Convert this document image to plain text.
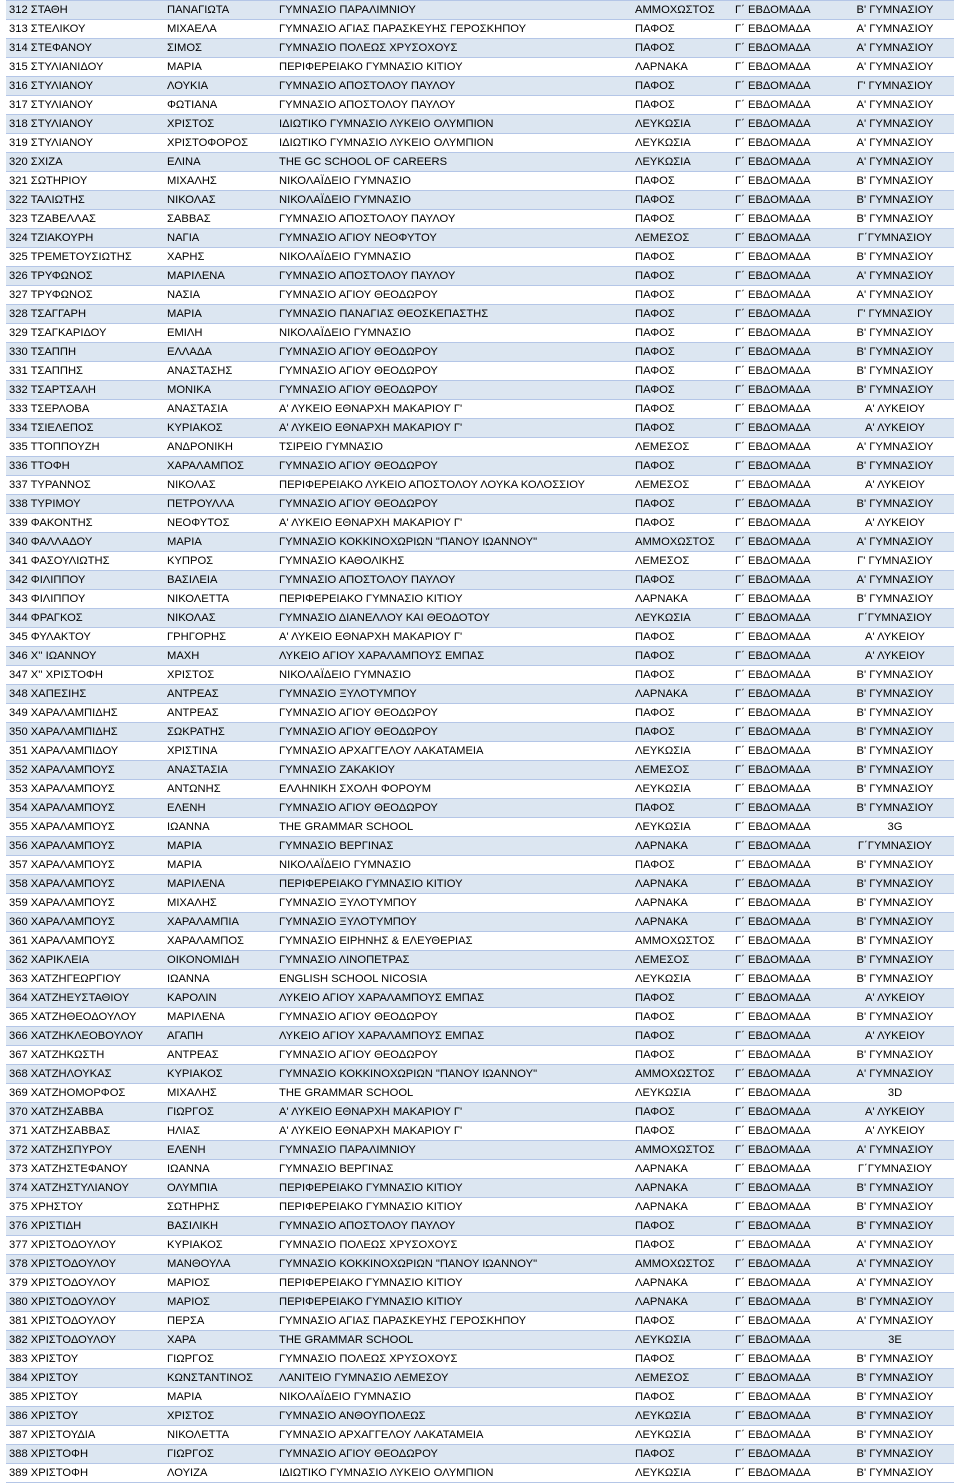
312 ΣΤΑΘΗ	ΠΑΝΑΓΙΩΤΑ	ΓΥΜΝΑΣΙΟ ΠΑΡΑΛΙΜΝΙΟΥ	ΑΜΜΟΧΩΣΤΟΣ	Γ΄ ΕΒΔΟΜΑΔΑ	Β' ΓΥΜΝΑΣΙΟΥ
313 ΣΤΕΛΙΚΟΥ	ΜΙΧΑΕΛΑ	ΓΥΜΝΑΣΙΟ ΑΓΙΑΣ ΠΑΡΑΣΚΕΥΗΣ ΓΕΡΟΣΚΗΠΟΥ	ΠΑΦΟΣ	Γ΄ ΕΒΔΟΜΑΔΑ	Α' ΓΥΜΝΑΣΙΟΥ
314 ΣΤΕΦΑΝΟΥ	ΣΙΜΟΣ	ΓΥΜΝΑΣΙΟ ΠΟΛΕΩΣ ΧΡΥΣΟΧΟΥΣ	ΠΑΦΟΣ	Γ΄ ΕΒΔΟΜΑΔΑ	Α' ΓΥΜΝΑΣΙΟΥ
315 ΣΤΥΛΙΑΝΙΔΟΥ	ΜΑΡΙΑ	ΠΕΡΙΦΕΡΕΙΑΚΟ ΓΥΜΝΑΣΙΟ ΚΙΤΙΟΥ	ΛΑΡΝΑΚΑ	Γ΄ ΕΒΔΟΜΑΔΑ	Α' ΓΥΜΝΑΣΙΟΥ
316 ΣΤΥΛΙΑΝΟΥ	ΛΟΥΚΙΑ	ΓΥΜΝΑΣΙΟ ΑΠΟΣΤΟΛΟΥ ΠΑΥΛΟΥ	ΠΑΦΟΣ	Γ΄ ΕΒΔΟΜΑΔΑ	Γ' ΓΥΜΝΑΣΙΟΥ
317 ΣΤΥΛΙΑΝΟΥ	ΦΩΤΙΑΝΑ	ΓΥΜΝΑΣΙΟ ΑΠΟΣΤΟΛΟΥ ΠΑΥΛΟΥ	ΠΑΦΟΣ	Γ΄ ΕΒΔΟΜΑΔΑ	Α' ΓΥΜΝΑΣΙΟΥ
318 ΣΤΥΛΙΑΝΟΥ	ΧΡΙΣΤΟΣ	ΙΔΙΩΤΙΚΟ ΓΥΜΝΑΣΙΟ ΛΥΚΕΙΟ ΟΛΥΜΠΙΟΝ	ΛΕΥΚΩΣΙΑ	Γ΄ ΕΒΔΟΜΑΔΑ	Α' ΓΥΜΝΑΣΙΟΥ
319 ΣΤΥΛΙΑΝΟΥ	ΧΡΙΣΤΟΦΟΡΟΣ	ΙΔΙΩΤΙΚΟ ΓΥΜΝΑΣΙΟ ΛΥΚΕΙΟ ΟΛΥΜΠΙΟΝ	ΛΕΥΚΩΣΙΑ	Γ΄ ΕΒΔΟΜΑΔΑ	Α' ΓΥΜΝΑΣΙΟΥ
320 ΣΧΙΖΑ	ΕΛΙΝΑ	THE GC SCHOOL OF CAREERS	ΛΕΥΚΩΣΙΑ	Γ΄ ΕΒΔΟΜΑΔΑ	Α' ΓΥΜΝΑΣΙΟΥ
321 ΣΩΤΗΡΙΟΥ	ΜΙΧΑΛΗΣ	ΝΙΚΟΛΑΪΔΕΙΟ ΓΥΜΝΑΣΙΟ	ΠΑΦΟΣ	Γ΄ ΕΒΔΟΜΑΔΑ	Β' ΓΥΜΝΑΣΙΟΥ
322 ΤΑΛΙΩΤΗΣ	ΝΙΚΟΛΑΣ	ΝΙΚΟΛΑΪΔΕΙΟ ΓΥΜΝΑΣΙΟ	ΠΑΦΟΣ	Γ΄ ΕΒΔΟΜΑΔΑ	Β' ΓΥΜΝΑΣΙΟΥ
323 ΤΖΑΒΕΛΛΑΣ	ΣΑΒΒΑΣ	ΓΥΜΝΑΣΙΟ ΑΠΟΣΤΟΛΟΥ ΠΑΥΛΟΥ	ΠΑΦΟΣ	Γ΄ ΕΒΔΟΜΑΔΑ	Β' ΓΥΜΝΑΣΙΟΥ
324 ΤΖΙΑΚΟΥΡΗ	ΝΑΓΙΑ	ΓΥΜΝΑΣΙΟ ΑΓΙΟΥ ΝΕΟΦΥΤΟΥ	ΛΕΜΕΣΟΣ	Γ΄ ΕΒΔΟΜΑΔΑ	Γ΄ΓΥΜΝΑΣΙΟΥ
325 ΤΡΕΜΕΤΟΥΣΙΩΤΗΣ	ΧΑΡΗΣ	ΝΙΚΟΛΑΪΔΕΙΟ ΓΥΜΝΑΣΙΟ	ΠΑΦΟΣ	Γ΄ ΕΒΔΟΜΑΔΑ	Β' ΓΥΜΝΑΣΙΟΥ
326 ΤΡΥΦΩΝΟΣ	ΜΑΡΙΛΕΝΑ	ΓΥΜΝΑΣΙΟ ΑΠΟΣΤΟΛΟΥ ΠΑΥΛΟΥ	ΠΑΦΟΣ	Γ΄ ΕΒΔΟΜΑΔΑ	Α' ΓΥΜΝΑΣΙΟΥ
327 ΤΡΥΦΩΝΟΣ	ΝΑΣΙΑ	ΓΥΜΝΑΣΙΟ ΑΓΙΟΥ ΘΕΟΔΩΡΟΥ	ΠΑΦΟΣ	Γ΄ ΕΒΔΟΜΑΔΑ	Α' ΓΥΜΝΑΣΙΟΥ
328 ΤΣΑΓΓΑΡΗ	ΜΑΡΙΑ	ΓΥΜΝΑΣΙΟ ΠΑΝΑΓΙΑΣ ΘΕΟΣΚΕΠΑΣΤΗΣ	ΠΑΦΟΣ	Γ΄ ΕΒΔΟΜΑΔΑ	Γ' ΓΥΜΝΑΣΙΟΥ
329 ΤΣΑΓΚΑΡΙΔΟΥ	ΕΜΙΛΗ	ΝΙΚΟΛΑΪΔΕΙΟ ΓΥΜΝΑΣΙΟ	ΠΑΦΟΣ	Γ΄ ΕΒΔΟΜΑΔΑ	Β' ΓΥΜΝΑΣΙΟΥ
330 ΤΣΑΠΠΗ	ΕΛΛΑΔΑ	ΓΥΜΝΑΣΙΟ ΑΓΙΟΥ ΘΕΟΔΩΡΟΥ	ΠΑΦΟΣ	Γ΄ ΕΒΔΟΜΑΔΑ	Β' ΓΥΜΝΑΣΙΟΥ
331 ΤΣΑΠΠΗΣ	ΑΝΑΣΤΑΣΗΣ	ΓΥΜΝΑΣΙΟ ΑΓΙΟΥ ΘΕΟΔΩΡΟΥ	ΠΑΦΟΣ	Γ΄ ΕΒΔΟΜΑΔΑ	Β' ΓΥΜΝΑΣΙΟΥ
332 ΤΣΑΡΤΣΑΛΗ	ΜΟΝΙΚΑ	ΓΥΜΝΑΣΙΟ ΑΓΙΟΥ ΘΕΟΔΩΡΟΥ	ΠΑΦΟΣ	Γ΄ ΕΒΔΟΜΑΔΑ	Β' ΓΥΜΝΑΣΙΟΥ
333 ΤΣΕΡΛΟΒΑ	ΑΝΑΣΤΑΣΙΑ	Α' ΛΥΚΕΙΟ ΕΘΝΑΡΧΗ ΜΑΚΑΡΙΟΥ Γ'	ΠΑΦΟΣ	Γ΄ ΕΒΔΟΜΑΔΑ	Α' ΛΥΚΕΙΟΥ
334 ΤΣΙΕΛΕΠΟΣ	ΚΥΡΙΑΚΟΣ	Α' ΛΥΚΕΙΟ ΕΘΝΑΡΧΗ ΜΑΚΑΡΙΟΥ Γ'	ΠΑΦΟΣ	Γ΄ ΕΒΔΟΜΑΔΑ	Α' ΛΥΚΕΙΟΥ
335 ΤΤΟΠΠΟΥΖΗ	ΑΝΔΡΟΝΙΚΗ	ΤΣΙΡΕΙΟ ΓΥΜΝΑΣΙΟ	ΛΕΜΕΣΟΣ	Γ΄ ΕΒΔΟΜΑΔΑ	Α' ΓΥΜΝΑΣΙΟΥ
336 ΤΤΟΦΗ	ΧΑΡΑΛΑΜΠΟΣ	ΓΥΜΝΑΣΙΟ ΑΓΙΟΥ ΘΕΟΔΩΡΟΥ	ΠΑΦΟΣ	Γ΄ ΕΒΔΟΜΑΔΑ	Β' ΓΥΜΝΑΣΙΟΥ
337 ΤΥΡΑΝΝΟΣ	ΝΙΚΟΛΑΣ	ΠΕΡΙΦΕΡΕΙΑΚΟ ΛΥΚΕΙΟ ΑΠΟΣΤΟΛΟΥ ΛΟΥΚΑ ΚΟΛΟΣΣΙΟΥ	ΛΕΜΕΣΟΣ	Γ΄ ΕΒΔΟΜΑΔΑ	Α' ΛΥΚΕΙΟΥ
338 ΤΥΡΙΜΟΥ	ΠΕΤΡΟΥΛΛΑ	ΓΥΜΝΑΣΙΟ ΑΓΙΟΥ ΘΕΟΔΩΡΟΥ	ΠΑΦΟΣ	Γ΄ ΕΒΔΟΜΑΔΑ	Β' ΓΥΜΝΑΣΙΟΥ
339 ΦΑΚΟΝΤΗΣ	ΝΕΟΦΥΤΟΣ	Α' ΛΥΚΕΙΟ ΕΘΝΑΡΧΗ ΜΑΚΑΡΙΟΥ Γ'	ΠΑΦΟΣ	Γ΄ ΕΒΔΟΜΑΔΑ	Α' ΛΥΚΕΙΟΥ
340 ΦΑΛΛΑΔΟΥ	ΜΑΡΙΑ	ΓΥΜΝΑΣΙΟ ΚΟΚΚΙΝΟΧΩΡΙΩΝ "ΠΑΝΟΥ ΙΩΑΝΝΟΥ"	ΑΜΜΟΧΩΣΤΟΣ	Γ΄ ΕΒΔΟΜΑΔΑ	Α' ΓΥΜΝΑΣΙΟΥ
341 ΦΑΣΟΥΛΙΩΤΗΣ	ΚΥΠΡΟΣ	ΓΥΜΝΑΣΙΟ ΚΑΘΟΛΙΚΗΣ	ΛΕΜΕΣΟΣ	Γ΄ ΕΒΔΟΜΑΔΑ	Γ' ΓΥΜΝΑΣΙΟΥ
342 ΦΙΛΙΠΠΟΥ	ΒΑΣΙΛΕΙΑ	ΓΥΜΝΑΣΙΟ ΑΠΟΣΤΟΛΟΥ ΠΑΥΛΟΥ	ΠΑΦΟΣ	Γ΄ ΕΒΔΟΜΑΔΑ	Α' ΓΥΜΝΑΣΙΟΥ
343 ΦΙΛΙΠΠΟΥ	ΝΙΚΟΛΕΤΤΑ	ΠΕΡΙΦΕΡΕΙΑΚΟ ΓΥΜΝΑΣΙΟ ΚΙΤΙΟΥ	ΛΑΡΝΑΚΑ	Γ΄ ΕΒΔΟΜΑΔΑ	Β' ΓΥΜΝΑΣΙΟΥ
344 ΦΡΑΓΚΟΣ	ΝΙΚΟΛΑΣ	ΓΥΜΝΑΣΙΟ ΔΙΑΝΕΛΛΟΥ ΚΑΙ ΘΕΟΔΟΤΟΥ	ΛΕΥΚΩΣΙΑ	Γ΄ ΕΒΔΟΜΑΔΑ	Γ΄ΓΥΜΝΑΣΙΟΥ
345 ΦΥΛΑΚΤΟΥ	ΓΡΗΓΟΡΗΣ	Α' ΛΥΚΕΙΟ ΕΘΝΑΡΧΗ ΜΑΚΑΡΙΟΥ Γ'	ΠΑΦΟΣ	Γ΄ ΕΒΔΟΜΑΔΑ	Α' ΛΥΚΕΙΟΥ
346 Χ'' ΙΩΑΝΝΟΥ	ΜΑΧΗ	ΛΥΚΕΙΟ ΑΓΙΟΥ ΧΑΡΑΛΑΜΠΟΥΣ ΕΜΠΑΣ	ΠΑΦΟΣ	Γ΄ ΕΒΔΟΜΑΔΑ	Α' ΛΥΚΕΙΟΥ
347 Χ'' ΧΡΙΣΤΟΦΗ	ΧΡΙΣΤΟΣ	ΝΙΚΟΛΑΪΔΕΙΟ ΓΥΜΝΑΣΙΟ	ΠΑΦΟΣ	Γ΄ ΕΒΔΟΜΑΔΑ	Β' ΓΥΜΝΑΣΙΟΥ
348 ΧΑΠΕΣΙΗΣ	ΑΝΤΡΕΑΣ	ΓΥΜΝΑΣΙΟ ΞΥΛΟΤΥΜΠΟΥ	ΛΑΡΝΑΚΑ	Γ΄ ΕΒΔΟΜΑΔΑ	Β' ΓΥΜΝΑΣΙΟΥ
349 ΧΑΡΑΛΑΜΠΙΔΗΣ	ΑΝΤΡΕΑΣ	ΓΥΜΝΑΣΙΟ ΑΓΙΟΥ ΘΕΟΔΩΡΟΥ	ΠΑΦΟΣ	Γ΄ ΕΒΔΟΜΑΔΑ	Β' ΓΥΜΝΑΣΙΟΥ
350 ΧΑΡΑΛΑΜΠΙΔΗΣ	ΣΩΚΡΑΤΗΣ	ΓΥΜΝΑΣΙΟ ΑΓΙΟΥ ΘΕΟΔΩΡΟΥ	ΠΑΦΟΣ	Γ΄ ΕΒΔΟΜΑΔΑ	Β' ΓΥΜΝΑΣΙΟΥ
351 ΧΑΡΑΛΑΜΠΙΔΟΥ	ΧΡΙΣΤΙΝΑ	ΓΥΜΝΑΣΙΟ ΑΡΧΑΓΓΕΛΟΥ ΛΑΚΑΤΑΜΕΙΑ	ΛΕΥΚΩΣΙΑ	Γ΄ ΕΒΔΟΜΑΔΑ	Β' ΓΥΜΝΑΣΙΟΥ
352 ΧΑΡΑΛΑΜΠΟΥΣ	ΑΝΑΣΤΑΣΙΑ	ΓΥΜΝΑΣΙΟ ΖΑΚΑΚΙΟΥ	ΛΕΜΕΣΟΣ	Γ΄ ΕΒΔΟΜΑΔΑ	Β' ΓΥΜΝΑΣΙΟΥ
353 ΧΑΡΑΛΑΜΠΟΥΣ	ΑΝΤΩΝΗΣ	ΕΛΛΗΝΙΚΗ ΣΧΟΛΗ ΦΟΡΟΥΜ	ΛΕΥΚΩΣΙΑ	Γ΄ ΕΒΔΟΜΑΔΑ	Β' ΓΥΜΝΑΣΙΟΥ
354 ΧΑΡΑΛΑΜΠΟΥΣ	ΕΛΕΝΗ	ΓΥΜΝΑΣΙΟ ΑΓΙΟΥ ΘΕΟΔΩΡΟΥ	ΠΑΦΟΣ	Γ΄ ΕΒΔΟΜΑΔΑ	Β' ΓΥΜΝΑΣΙΟΥ
355 ΧΑΡΑΛΑΜΠΟΥΣ	ΙΩΑΝΝΑ	THE GRAMMAR SCHOOL	ΛΕΥΚΩΣΙΑ	Γ΄ ΕΒΔΟΜΑΔΑ	3G
356 ΧΑΡΑΛΑΜΠΟΥΣ	ΜΑΡΙΑ	ΓΥΜΝΑΣΙΟ ΒΕΡΓΙΝΑΣ	ΛΑΡΝΑΚΑ	Γ΄ ΕΒΔΟΜΑΔΑ	Γ΄ΓΥΜΝΑΣΙΟΥ
357 ΧΑΡΑΛΑΜΠΟΥΣ	ΜΑΡΙΑ	ΝΙΚΟΛΑΪΔΕΙΟ ΓΥΜΝΑΣΙΟ	ΠΑΦΟΣ	Γ΄ ΕΒΔΟΜΑΔΑ	Β' ΓΥΜΝΑΣΙΟΥ
358 ΧΑΡΑΛΑΜΠΟΥΣ	ΜΑΡΙΛΕΝΑ	ΠΕΡΙΦΕΡΕΙΑΚΟ ΓΥΜΝΑΣΙΟ ΚΙΤΙΟΥ	ΛΑΡΝΑΚΑ	Γ΄ ΕΒΔΟΜΑΔΑ	Β' ΓΥΜΝΑΣΙΟΥ
359 ΧΑΡΑΛΑΜΠΟΥΣ	ΜΙΧΑΛΗΣ	ΓΥΜΝΑΣΙΟ ΞΥΛΟΤΥΜΠΟΥ	ΛΑΡΝΑΚΑ	Γ΄ ΕΒΔΟΜΑΔΑ	Β' ΓΥΜΝΑΣΙΟΥ
360 ΧΑΡΑΛΑΜΠΟΥΣ	ΧΑΡΑΛΑΜΠΙΑ	ΓΥΜΝΑΣΙΟ ΞΥΛΟΤΥΜΠΟΥ	ΛΑΡΝΑΚΑ	Γ΄ ΕΒΔΟΜΑΔΑ	Β' ΓΥΜΝΑΣΙΟΥ
361 ΧΑΡΑΛΑΜΠΟΥΣ	ΧΑΡΑΛΑΜΠΟΣ	ΓΥΜΝΑΣΙΟ ΕΙΡΗΝΗΣ & ΕΛΕΥΘΕΡΙΑΣ	ΑΜΜΟΧΩΣΤΟΣ	Γ΄ ΕΒΔΟΜΑΔΑ	Β' ΓΥΜΝΑΣΙΟΥ
362 ΧΑΡΙΚΛΕΙΑ	ΟΙΚΟΝΟΜΙΔΗ	ΓΥΜΝΑΣΙΟ ΛΙΝΟΠΕΤΡΑΣ	ΛΕΜΕΣΟΣ	Γ΄ ΕΒΔΟΜΑΔΑ	Β' ΓΥΜΝΑΣΙΟΥ
363 ΧΑΤΖΗΓΕΩΡΓΙΟΥ	ΙΩΑΝΝΑ	ENGLISH SCHOOL NICOSIA	ΛΕΥΚΩΣΙΑ	Γ΄ ΕΒΔΟΜΑΔΑ	Β' ΓΥΜΝΑΣΙΟΥ
364 ΧΑΤΖΗΕΥΣΤΑΘΙΟΥ	ΚΑΡΟΛΙΝ	ΛΥΚΕΙΟ ΑΓΙΟΥ ΧΑΡΑΛΑΜΠΟΥΣ ΕΜΠΑΣ	ΠΑΦΟΣ	Γ΄ ΕΒΔΟΜΑΔΑ	Α' ΛΥΚΕΙΟΥ
365 ΧΑΤΖΗΘΕΟΔΟΥΛΟΥ	ΜΑΡΙΛΕΝΑ	ΓΥΜΝΑΣΙΟ ΑΓΙΟΥ ΘΕΟΔΩΡΟΥ	ΠΑΦΟΣ	Γ΄ ΕΒΔΟΜΑΔΑ	Β' ΓΥΜΝΑΣΙΟΥ
366 ΧΑΤΖΗΚΛΕΟΒΟΥΛΟΥ	ΑΓΑΠΗ	ΛΥΚΕΙΟ ΑΓΙΟΥ ΧΑΡΑΛΑΜΠΟΥΣ ΕΜΠΑΣ	ΠΑΦΟΣ	Γ΄ ΕΒΔΟΜΑΔΑ	Α' ΛΥΚΕΙΟΥ
367 ΧΑΤΖΗΚΩΣΤΗ	ΑΝΤΡΕΑΣ	ΓΥΜΝΑΣΙΟ ΑΓΙΟΥ ΘΕΟΔΩΡΟΥ	ΠΑΦΟΣ	Γ΄ ΕΒΔΟΜΑΔΑ	Β' ΓΥΜΝΑΣΙΟΥ
368 ΧΑΤΖΗΛΟΥΚΑΣ	ΚΥΡΙΑΚΟΣ	ΓΥΜΝΑΣΙΟ ΚΟΚΚΙΝΟΧΩΡΙΩΝ "ΠΑΝΟΥ ΙΩΑΝΝΟΥ"	ΑΜΜΟΧΩΣΤΟΣ	Γ΄ ΕΒΔΟΜΑΔΑ	Α' ΓΥΜΝΑΣΙΟΥ
369 ΧΑΤΖΗΟΜΟΡΦΟΣ	ΜΙΧΑΛΗΣ	THE GRAMMAR SCHOOL	ΛΕΥΚΩΣΙΑ	Γ΄ ΕΒΔΟΜΑΔΑ	3D
370 ΧΑΤΖΗΣΑΒΒΑ	ΓΙΩΡΓΟΣ	Α' ΛΥΚΕΙΟ ΕΘΝΑΡΧΗ ΜΑΚΑΡΙΟΥ Γ'	ΠΑΦΟΣ	Γ΄ ΕΒΔΟΜΑΔΑ	Α' ΛΥΚΕΙΟΥ
371 ΧΑΤΖΗΣΑΒΒΑΣ	ΗΛΙΑΣ	Α' ΛΥΚΕΙΟ ΕΘΝΑΡΧΗ ΜΑΚΑΡΙΟΥ Γ'	ΠΑΦΟΣ	Γ΄ ΕΒΔΟΜΑΔΑ	Α' ΛΥΚΕΙΟΥ
372 ΧΑΤΖΗΣΠΥΡΟΥ	ΕΛΕΝΗ	ΓΥΜΝΑΣΙΟ ΠΑΡΑΛΙΜΝΙΟΥ	ΑΜΜΟΧΩΣΤΟΣ	Γ΄ ΕΒΔΟΜΑΔΑ	Α' ΓΥΜΝΑΣΙΟΥ
373 ΧΑΤΖΗΣΤΕΦΑΝΟΥ	ΙΩΑΝΝΑ	ΓΥΜΝΑΣΙΟ ΒΕΡΓΙΝΑΣ	ΛΑΡΝΑΚΑ	Γ΄ ΕΒΔΟΜΑΔΑ	Γ΄ΓΥΜΝΑΣΙΟΥ
374 ΧΑΤΖΗΣΤΥΛΙΑΝΟΥ	ΟΛΥΜΠΙΑ	ΠΕΡΙΦΕΡΕΙΑΚΟ ΓΥΜΝΑΣΙΟ ΚΙΤΙΟΥ	ΛΑΡΝΑΚΑ	Γ΄ ΕΒΔΟΜΑΔΑ	Β' ΓΥΜΝΑΣΙΟΥ
375 ΧΡΗΣΤΟΥ	ΣΩΤΗΡΗΣ	ΠΕΡΙΦΕΡΕΙΑΚΟ ΓΥΜΝΑΣΙΟ ΚΙΤΙΟΥ	ΛΑΡΝΑΚΑ	Γ΄ ΕΒΔΟΜΑΔΑ	Β' ΓΥΜΝΑΣΙΟΥ
376 ΧΡΙΣΤΙΔΗ	ΒΑΣΙΛΙΚΗ	ΓΥΜΝΑΣΙΟ ΑΠΟΣΤΟΛΟΥ ΠΑΥΛΟΥ	ΠΑΦΟΣ	Γ΄ ΕΒΔΟΜΑΔΑ	Β' ΓΥΜΝΑΣΙΟΥ
377 ΧΡΙΣΤΟΔΟΥΛΟΥ	ΚΥΡΙΑΚΟΣ	ΓΥΜΝΑΣΙΟ ΠΟΛΕΩΣ ΧΡΥΣΟΧΟΥΣ	ΠΑΦΟΣ	Γ΄ ΕΒΔΟΜΑΔΑ	Α' ΓΥΜΝΑΣΙΟΥ
378 ΧΡΙΣΤΟΔΟΥΛΟΥ	ΜΑΝΘΟΥΛΑ	ΓΥΜΝΑΣΙΟ ΚΟΚΚΙΝΟΧΩΡΙΩΝ "ΠΑΝΟΥ ΙΩΑΝΝΟΥ"	ΑΜΜΟΧΩΣΤΟΣ	Γ΄ ΕΒΔΟΜΑΔΑ	Α' ΓΥΜΝΑΣΙΟΥ
379 ΧΡΙΣΤΟΔΟΥΛΟΥ	ΜΑΡΙΟΣ	ΠΕΡΙΦΕΡΕΙΑΚΟ ΓΥΜΝΑΣΙΟ ΚΙΤΙΟΥ	ΛΑΡΝΑΚΑ	Γ΄ ΕΒΔΟΜΑΔΑ	Α' ΓΥΜΝΑΣΙΟΥ
380 ΧΡΙΣΤΟΔΟΥΛΟΥ	ΜΑΡΙΟΣ	ΠΕΡΙΦΕΡΕΙΑΚΟ ΓΥΜΝΑΣΙΟ ΚΙΤΙΟΥ	ΛΑΡΝΑΚΑ	Γ΄ ΕΒΔΟΜΑΔΑ	Β' ΓΥΜΝΑΣΙΟΥ
381 ΧΡΙΣΤΟΔΟΥΛΟΥ	ΠΕΡΣΑ	ΓΥΜΝΑΣΙΟ ΑΓΙΑΣ ΠΑΡΑΣΚΕΥΗΣ ΓΕΡΟΣΚΗΠΟΥ	ΠΑΦΟΣ	Γ΄ ΕΒΔΟΜΑΔΑ	Α' ΓΥΜΝΑΣΙΟΥ
382 ΧΡΙΣΤΟΔΟΥΛΟΥ	ΧΑΡΑ	THE GRAMMAR SCHOOL	ΛΕΥΚΩΣΙΑ	Γ΄ ΕΒΔΟΜΑΔΑ	3E
383 ΧΡΙΣΤΟΥ	ΓΙΩΡΓΟΣ	ΓΥΜΝΑΣΙΟ ΠΟΛΕΩΣ ΧΡΥΣΟΧΟΥΣ	ΠΑΦΟΣ	Γ΄ ΕΒΔΟΜΑΔΑ	Β' ΓΥΜΝΑΣΙΟΥ
384 ΧΡΙΣΤΟΥ	ΚΩΝΣΤΑΝΤΙΝΟΣ	ΛΑΝΙΤΕΙΟ ΓΥΜΝΑΣΙΟ ΛΕΜΕΣΟΥ	ΛΕΜΕΣΟΣ	Γ΄ ΕΒΔΟΜΑΔΑ	Β' ΓΥΜΝΑΣΙΟΥ
385 ΧΡΙΣΤΟΥ	ΜΑΡΙΑ	ΝΙΚΟΛΑΪΔΕΙΟ ΓΥΜΝΑΣΙΟ	ΠΑΦΟΣ	Γ΄ ΕΒΔΟΜΑΔΑ	Β' ΓΥΜΝΑΣΙΟΥ
386 ΧΡΙΣΤΟΥ	ΧΡΙΣΤΟΣ	ΓΥΜΝΑΣΙΟ ΑΝΘΟΥΠΟΛΕΩΣ	ΛΕΥΚΩΣΙΑ	Γ΄ ΕΒΔΟΜΑΔΑ	Β' ΓΥΜΝΑΣΙΟΥ
387 ΧΡΙΣΤΟΥΔΙΑ	ΝΙΚΟΛΕΤΤΑ	ΓΥΜΝΑΣΙΟ ΑΡΧΑΓΓΕΛΟΥ ΛΑΚΑΤΑΜΕΙΑ	ΛΕΥΚΩΣΙΑ	Γ΄ ΕΒΔΟΜΑΔΑ	Β' ΓΥΜΝΑΣΙΟΥ
388 ΧΡΙΣΤΟΦΗ	ΓΙΩΡΓΟΣ	ΓΥΜΝΑΣΙΟ ΑΓΙΟΥ ΘΕΟΔΩΡΟΥ	ΠΑΦΟΣ	Γ΄ ΕΒΔΟΜΑΔΑ	Β' ΓΥΜΝΑΣΙΟΥ
389 ΧΡΙΣΤΟΦΗ	ΛΟΥΙΖΑ	ΙΔΙΩΤΙΚΟ ΓΥΜΝΑΣΙΟ ΛΥΚΕΙΟ ΟΛΥΜΠΙΟΝ	ΛΕΥΚΩΣΙΑ	Γ΄ ΕΒΔΟΜΑΔΑ	Β' ΓΥΜΝΑΣΙΟΥ
